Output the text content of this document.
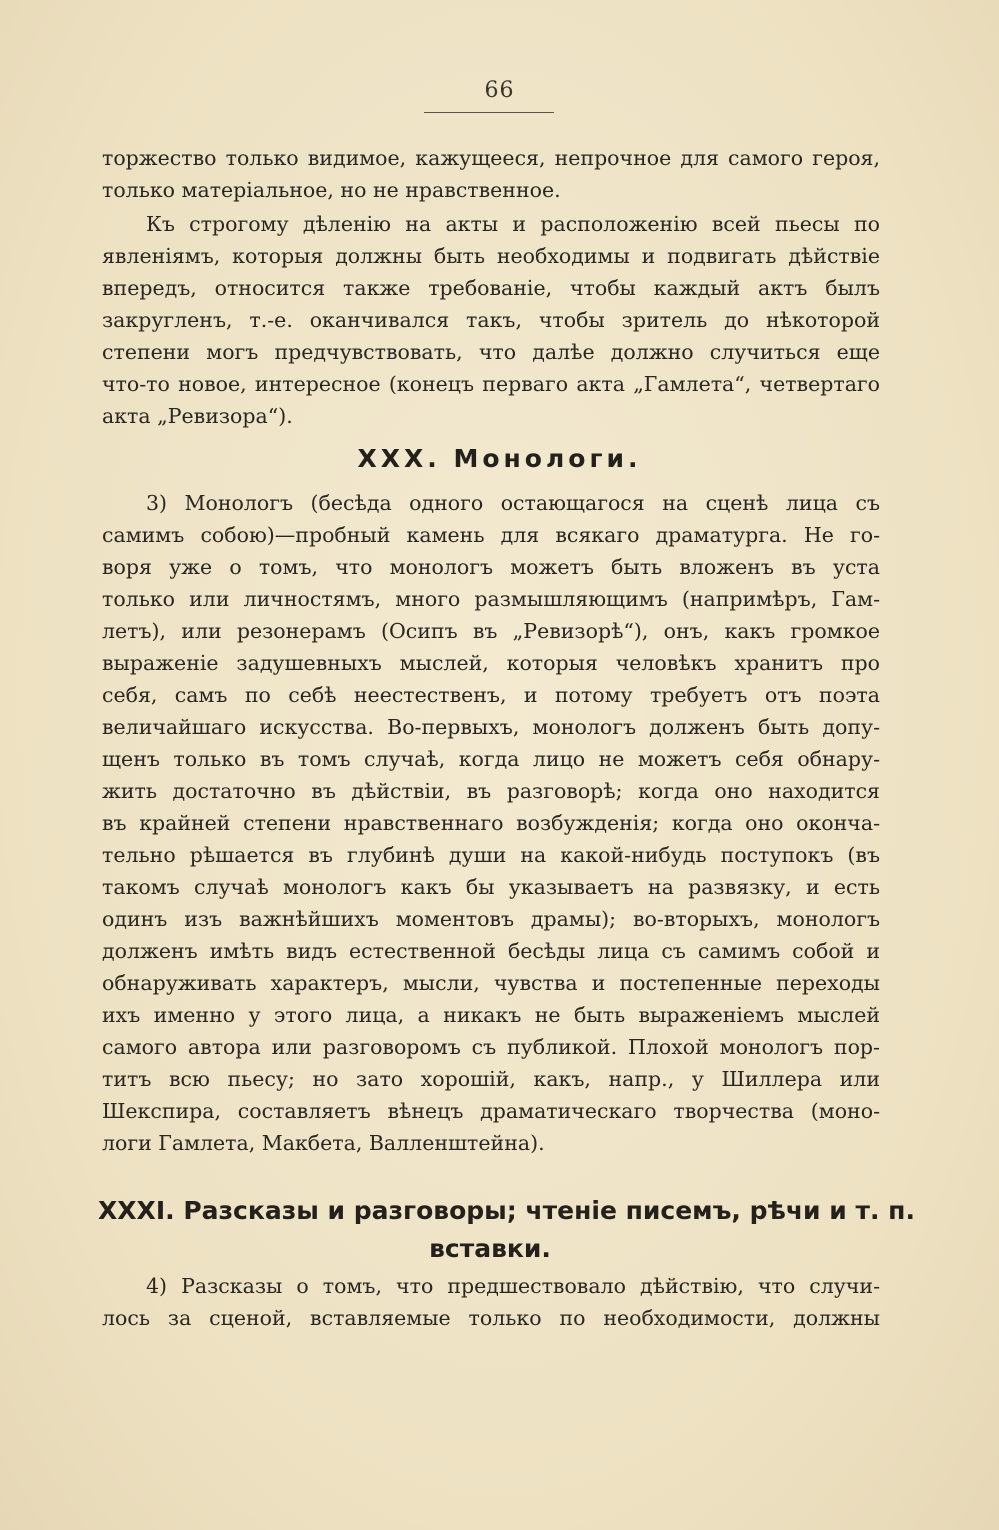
66
торжество только видимое, кажущееся, непрочное для самого героя,
только матеріальное, но не нравственное.
Къ строгому дѣленію на акты и расположенію всей пьесы по
явленіямъ, которыя должны быть необходимы и подвигать дѣйствіе
впередъ, относится также требованіе, чтобы каждый актъ былъ
закругленъ, т.-е. оканчивался такъ, чтобы зритель до нѣкоторой
степени могъ предчувствовать, что далѣе должно случиться еще
что-то новое, интересное (конецъ перваго акта „Гамлета“, четвертаго
акта „Ревизора“).
XXX. Монологи.
3) Монологъ (бесѣда одного остающагося на сценѣ лица съ
самимъ собою)—пробный камень для всякаго драматурга. Не го-
воря уже о томъ, что монологъ можетъ быть вложенъ въ уста
только или личностямъ, много размышляющимъ (напримѣръ, Гам-
летъ), или резонерамъ (Осипъ въ „Ревизорѣ“), онъ, какъ громкое
выраженіе задушевныхъ мыслей, которыя человѣкъ хранитъ про
себя, самъ по себѣ неестественъ, и потому требуетъ отъ поэта
величайшаго искусства. Во-первыхъ, монологъ долженъ быть допу-
щенъ только въ томъ случаѣ, когда лицо не можетъ себя обнару-
жить достаточно въ дѣйствіи, въ разговорѣ; когда оно находится
въ крайней степени нравственнаго возбужденія; когда оно оконча-
тельно рѣшается въ глубинѣ души на какой-нибудь поступокъ (въ
такомъ случаѣ монологъ какъ бы указываетъ на развязку, и есть
одинъ изъ важнѣйшихъ моментовъ драмы); во-вторыхъ, монологъ
долженъ имѣть видъ естественной бесѣды лица съ самимъ собой и
обнаруживать характеръ, мысли, чувства и постепенные переходы
ихъ именно у этого лица, а никакъ не быть выраженіемъ мыслей
самого автора или разговоромъ съ публикой. Плохой монологъ пор-
титъ всю пьесу; но зато хорошій, какъ, напр., у Шиллера или
Шекспира, составляетъ вѣнецъ драматическаго творчества (моно-
логи Гамлета, Макбета, Валленштейна).
XXXI. Разсказы и разговоры; чтеніе писемъ, рѣчи и т. п.
вставки.
4) Разсказы о томъ, что предшествовало дѣйствію, что случи-
лось за сценой, вставляемые только по необходимости, должны
